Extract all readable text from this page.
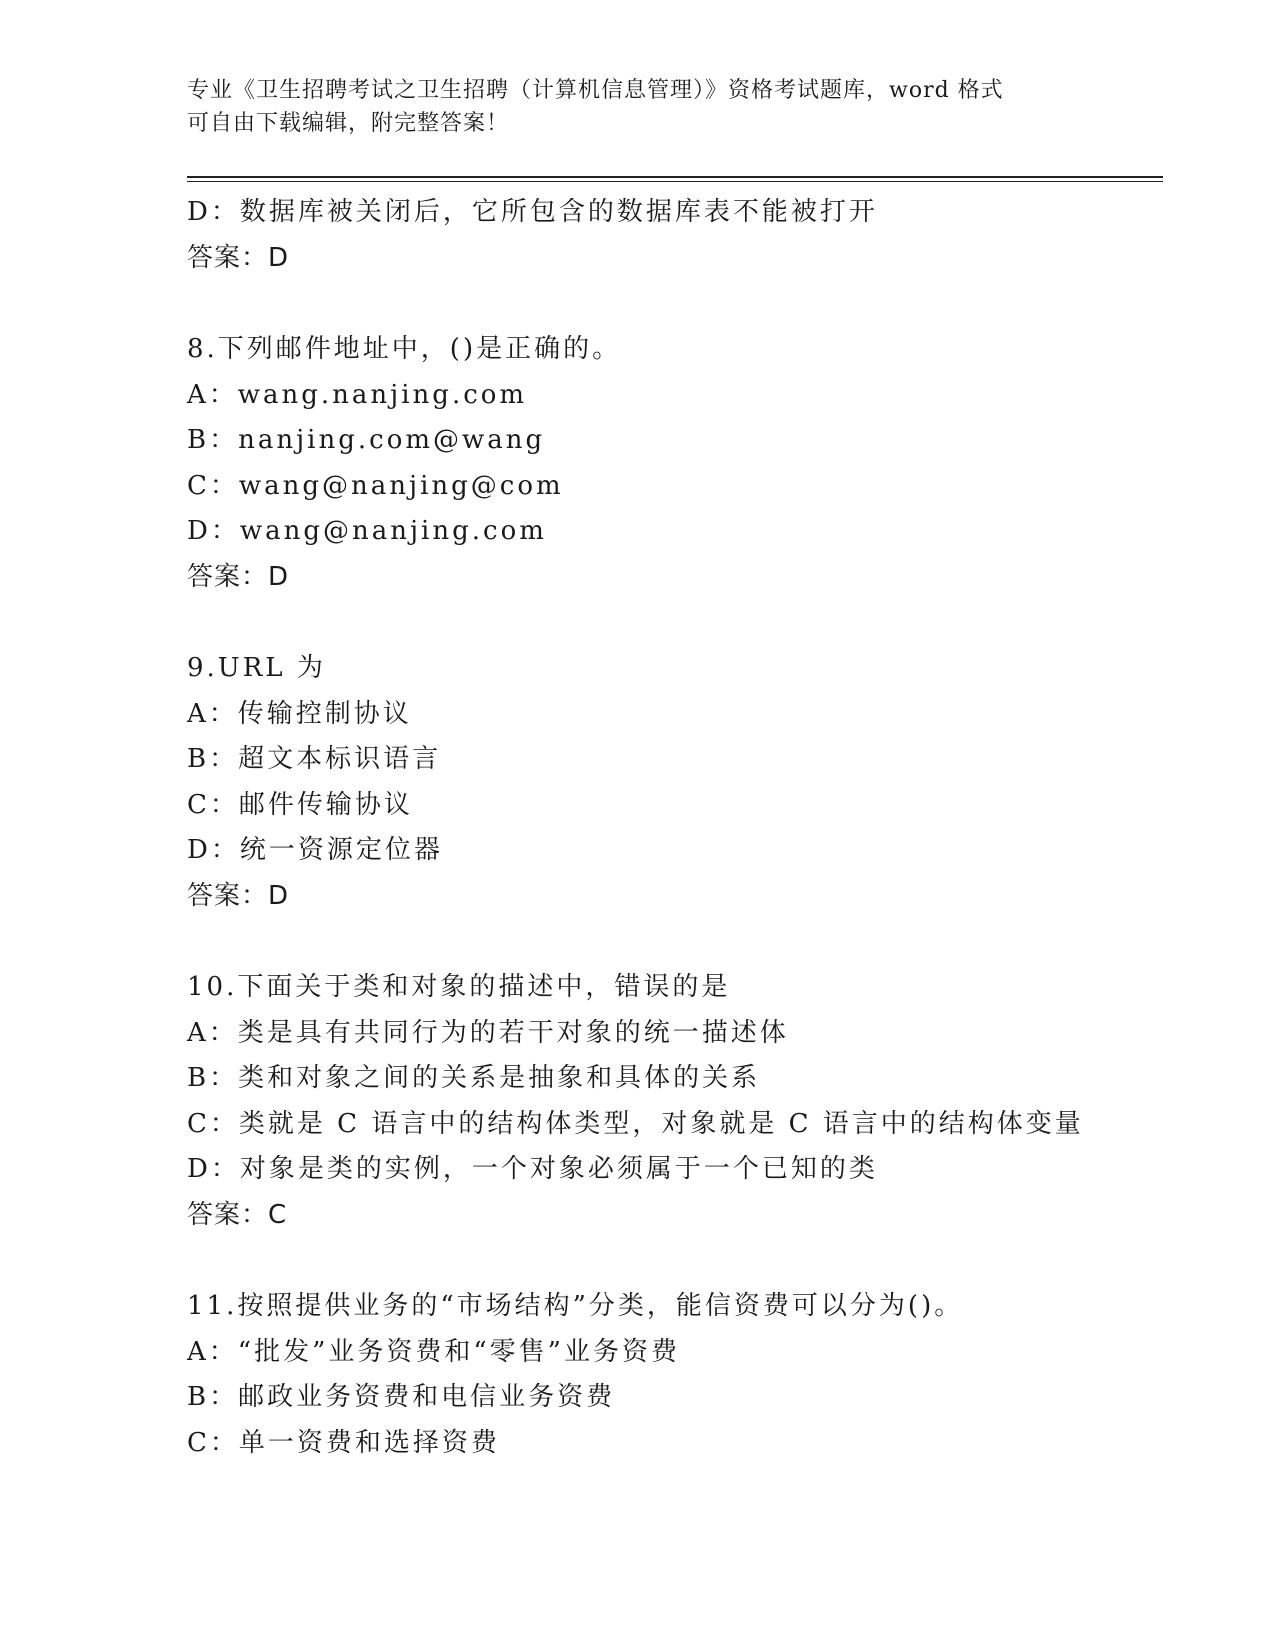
专业《卫生招聘考试之卫生招聘（计算机信息管理）》资格考试题库，word 格式
可自由下载编辑，附完整答案！
D：数据库被关闭后，它所包含的数据库表不能被打开
答案：D
8.下列邮件地址中，()是正确的。
A：wang.nanjing.com
B：nanjing.com@wang
C：wang@nanjing@com
D：wang@nanjing.com
答案：D
9.URL 为
A：传输控制协议
B：超文本标识语言
C：邮件传输协议
D：统一资源定位器
答案：D
10.下面关于类和对象的描述中，错误的是
A：类是具有共同行为的若干对象的统一描述体
B：类和对象之间的关系是抽象和具体的关系
C：类就是 C 语言中的结构体类型，对象就是 C 语言中的结构体变量
D：对象是类的实例，一个对象必须属于一个已知的类
答案：C
11.按照提供业务的“市场结构”分类，能信资费可以分为()。
A：“批发”业务资费和“零售”业务资费
B：邮政业务资费和电信业务资费
C：单一资费和选择资费
